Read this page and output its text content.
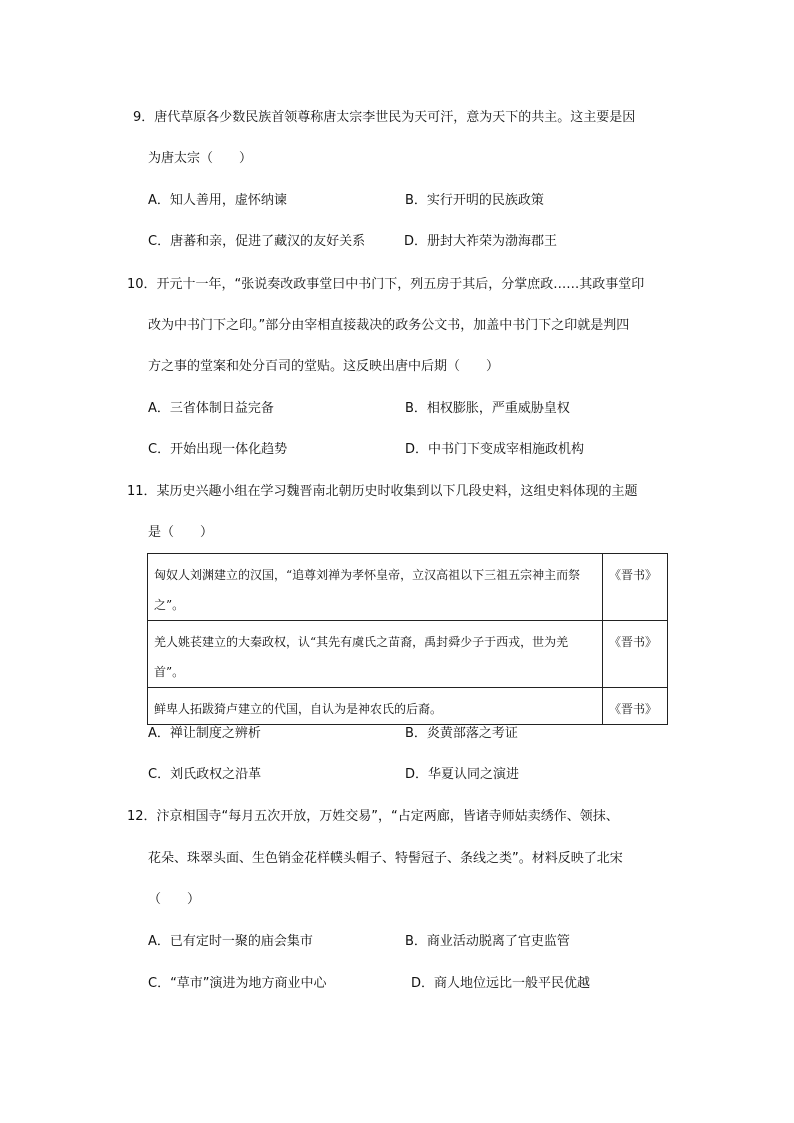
9．唐代草原各少数民族首领尊称唐太宗李世民为天可汗，意为天下的共主。这主要是因
为唐太宗（　　）
A．知人善用，虚怀纳谏	B．实行开明的民族政策
C．唐蕃和亲，促进了藏汉的友好关系	D．册封大祚荣为渤海郡王
10．开元十一年，“张说奏改政事堂曰中书门下，列五房于其后，分掌庶政……其政事堂印
改为中书门下之印。”部分由宰相直接裁决的政务公文书，加盖中书门下之印就是判四
方之事的堂案和处分百司的堂贴。这反映出唐中后期（　　）
A．三省体制日益完备	B．相权膨胀，严重威胁皇权
C．开始出现一体化趋势	D．中书门下变成宰相施政机构
11．某历史兴趣小组在学习魏晋南北朝历史时收集到以下几段史料，这组史料体现的主题
是（　　）
匈奴人刘渊建立的汉国，“追尊刘禅为孝怀皇帝，立汉高祖以下三祖五宗神主而祭之”。	《晋书》
羌人姚苌建立的大秦政权，认“其先有虞氏之苗裔，禹封舜少子于西戎，世为羌首”。	《晋书》
鲜卑人拓跋猗卢建立的代国，自认为是神农氏的后裔。	《晋书》
A．禅让制度之辨析	B．炎黄部落之考证
C．刘氏政权之沿革	D．华夏认同之演进
12．汴京相国寺“每月五次开放，万姓交易”，“占定两廊，皆诸寺师姑卖绣作、领抹、
花朵、珠翠头面、生色销金花样幞头帽子、特髻冠子、条线之类”。材料反映了北宋
（　　）
A．已有定时一聚的庙会集市	B．商业活动脱离了官吏监管
C．“草市”演进为地方商业中心	D．商人地位远比一般平民优越
